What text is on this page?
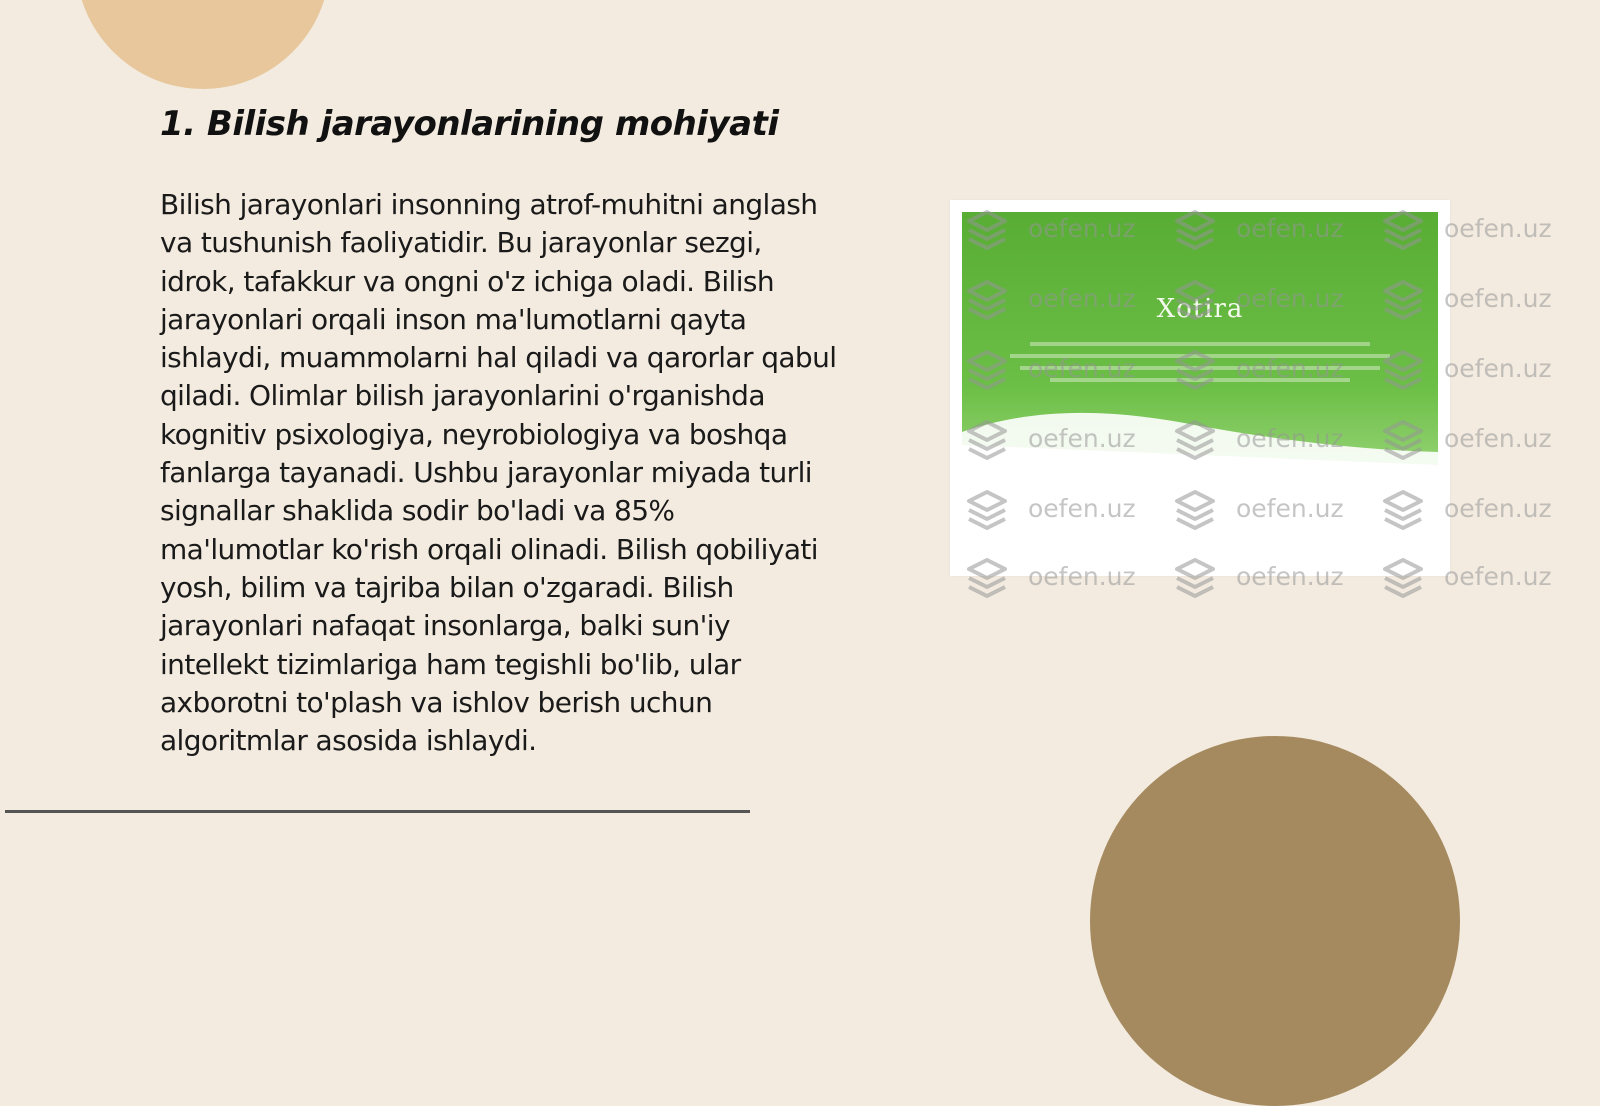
1. Bilish jarayonlarining mohiyati

Bilish jarayonlari insonning atrof-muhitni anglash va tushunish faoliyatidir. Bu jarayonlar sezgi, idrok, tafakkur va ongni o'z ichiga oladi. Bilish jarayonlari orqali inson ma'lumotlarni qayta ishlaydi, muammolarni hal qiladi va qarorlar qabul qiladi. Olimlar bilish jarayonlarini o'rganishda kognitiv psixologiya, neyrobiologiya va boshqa fanlarga tayanadi. Ushbu jarayonlar miyada turli signallar shaklida sodir bo'ladi va 85% ma'lumotlar ko'rish orqali olinadi. Bilish qobiliyati yosh, bilim va tajriba bilan o'zgaradi. Bilish jarayonlari nafaqat insonlarga, balki sun'iy intellekt tizimlariga ham tegishli bo'lib, ular axborotni to'plash va ishlov berish uchun algoritmlar asosida ishlaydi.

Xotira
oefen.uz	oefen.uz	oefen.uz
oefen.uz	oefen.uz	oefen.uz
oefen.uz	oefen.uz	oefen.uz
oefen.uz	oefen.uz	oefen.uz
oefen.uz	oefen.uz	oefen.uz
oefen.uz	oefen.uz	oefen.uz
